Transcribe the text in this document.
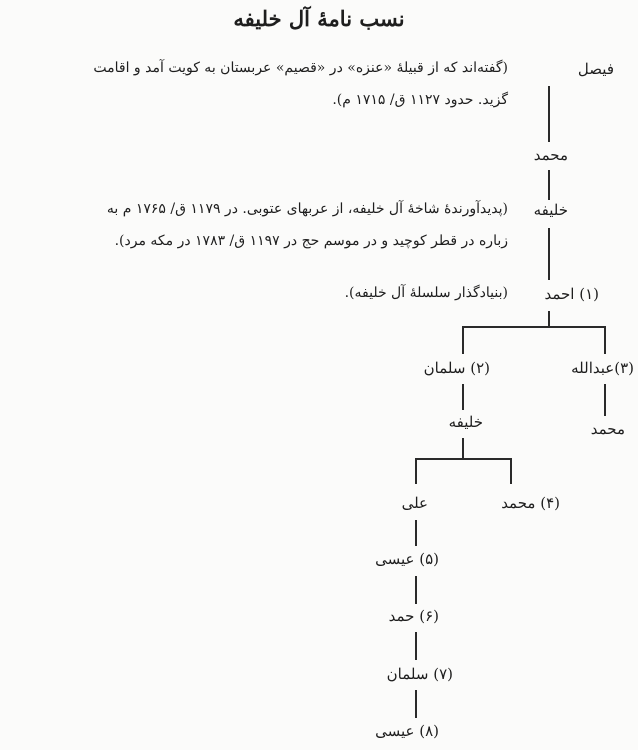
نسب نامۀ آل خلیفه
فیصل
(گفته‌اند که از قبیلۀ «عنزه» در «قصیم» عربستان به کویت آمد و اقامت
گزید. حدود ۱۱۲۷ ق/ ۱۷۱۵ م).
محمد
خلیفه
(پدیدآورندۀ شاخۀ آل خلیفه، از عربهای عتوبی. در ۱۱۷۹ ق/ ۱۷۶۵ م به
زباره در قطر کوچید و در موسم حج در ۱۱۹۷ ق/ ۱۷۸۳ در مکه مرد).
(۱) احمد
(بنیادگذار سلسلۀ آل خلیفه).
(۲) سلمان	(۳)عبدالله
محمد
خلیفه
علی	(۴) محمد
(۵) عیسی
(۶) حمد
(۷) سلمان
(۸) عیسی
